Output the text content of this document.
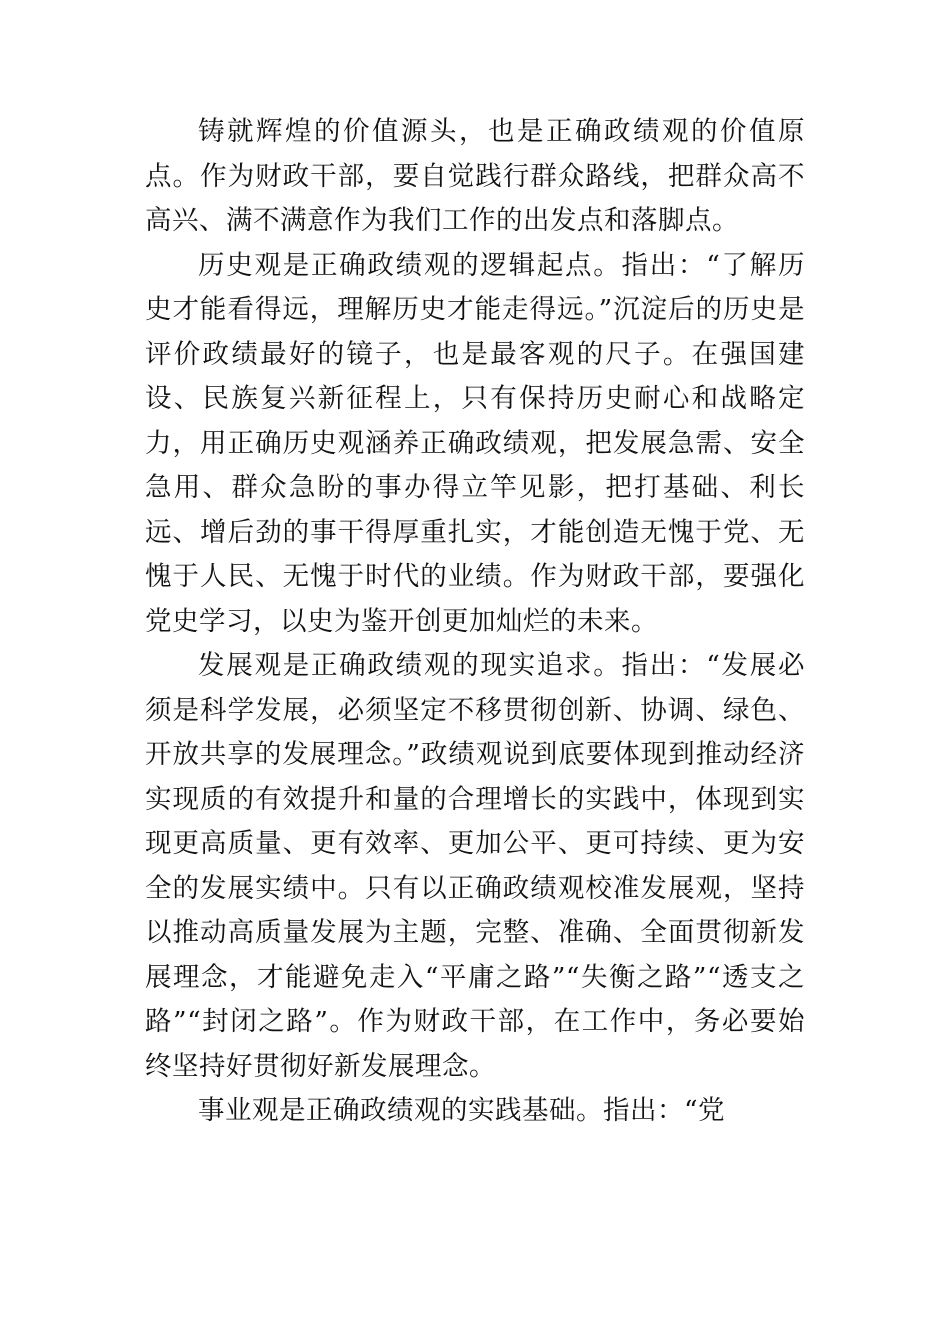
铸就辉煌的价值源头，也是正确政绩观的价值原点。作为财政干部，要自觉践行群众路线，把群众高不高兴、满不满意作为我们工作的出发点和落脚点。

历史观是正确政绩观的逻辑起点。指出：“了解历史才能看得远，理解历史才能走得远。”沉淀后的历史是评价政绩最好的镜子，也是最客观的尺子。在强国建设、民族复兴新征程上，只有保持历史耐心和战略定力，用正确历史观涵养正确政绩观，把发展急需、安全急用、群众急盼的事办得立竿见影，把打基础、利长远、增后劲的事干得厚重扎实，才能创造无愧于党、无愧于人民、无愧于时代的业绩。作为财政干部，要强化党史学习，以史为鉴开创更加灿烂的未来。

发展观是正确政绩观的现实追求。指出：“发展必须是科学发展，必须坚定不移贯彻创新、协调、绿色、开放共享的发展理念。”政绩观说到底要体现到推动经济实现质的有效提升和量的合理增长的实践中，体现到实现更高质量、更有效率、更加公平、更可持续、更为安全的发展实绩中。只有以正确政绩观校准发展观，坚持以推动高质量发展为主题，完整、准确、全面贯彻新发展理念，才能避免走入“平庸之路”“失衡之路”“透支之路”“封闭之路”。作为财政干部，在工作中，务必要始终坚持好贯彻好新发展理念。

事业观是正确政绩观的实践基础。指出：“党
